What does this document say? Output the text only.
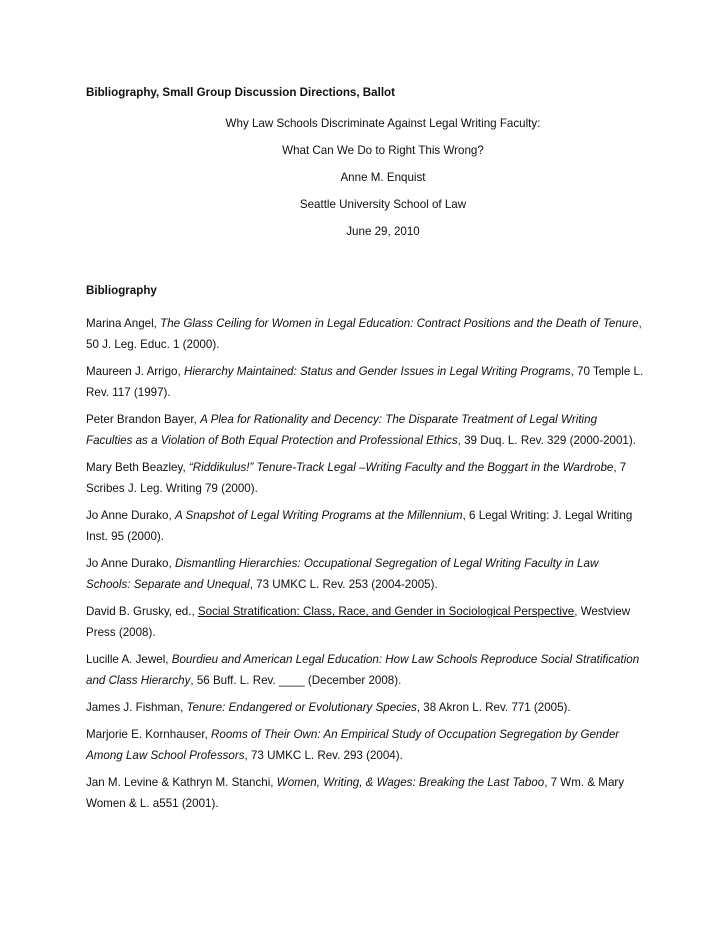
Bibliography, Small Group Discussion Directions, Ballot
Why Law Schools Discriminate Against Legal Writing Faculty:
What Can We Do to Right This Wrong?
Anne M. Enquist
Seattle University School of Law
June 29, 2010
Bibliography

Marina Angel, The Glass Ceiling for Women in Legal Education: Contract Positions and the Death of Tenure, 50 J. Leg. Educ. 1 (2000).

Maureen J. Arrigo, Hierarchy Maintained: Status and Gender Issues in Legal Writing Programs, 70 Temple L. Rev. 117 (1997).

Peter Brandon Bayer, A Plea for Rationality and Decency: The Disparate Treatment of Legal Writing Faculties as a Violation of Both Equal Protection and Professional Ethics, 39 Duq. L. Rev. 329 (2000-2001).

Mary Beth Beazley, “Riddikulus!” Tenure-Track Legal –Writing Faculty and the Boggart in the Wardrobe, 7 Scribes J. Leg. Writing 79 (2000).

Jo Anne Durako, A Snapshot of Legal Writing Programs at the Millennium, 6 Legal Writing: J. Legal Writing Inst. 95 (2000).

Jo Anne Durako, Dismantling Hierarchies: Occupational Segregation of Legal Writing Faculty in Law Schools: Separate and Unequal, 73 UMKC L. Rev. 253 (2004-2005).

David B. Grusky, ed., Social Stratification: Class, Race, and Gender in Sociological Perspective, Westview Press (2008).

Lucille A. Jewel, Bourdieu and American Legal Education: How Law Schools Reproduce Social Stratification and Class Hierarchy, 56 Buff. L. Rev. ____ (December 2008).

James J. Fishman, Tenure: Endangered or Evolutionary Species, 38 Akron L. Rev. 771 (2005).

Marjorie E. Kornhauser, Rooms of Their Own: An Empirical Study of Occupation Segregation by Gender Among Law School Professors, 73 UMKC L. Rev. 293 (2004).

Jan M. Levine & Kathryn M. Stanchi, Women, Writing, & Wages: Breaking the Last Taboo, 7 Wm. & Mary Women & L. a551 (2001).
